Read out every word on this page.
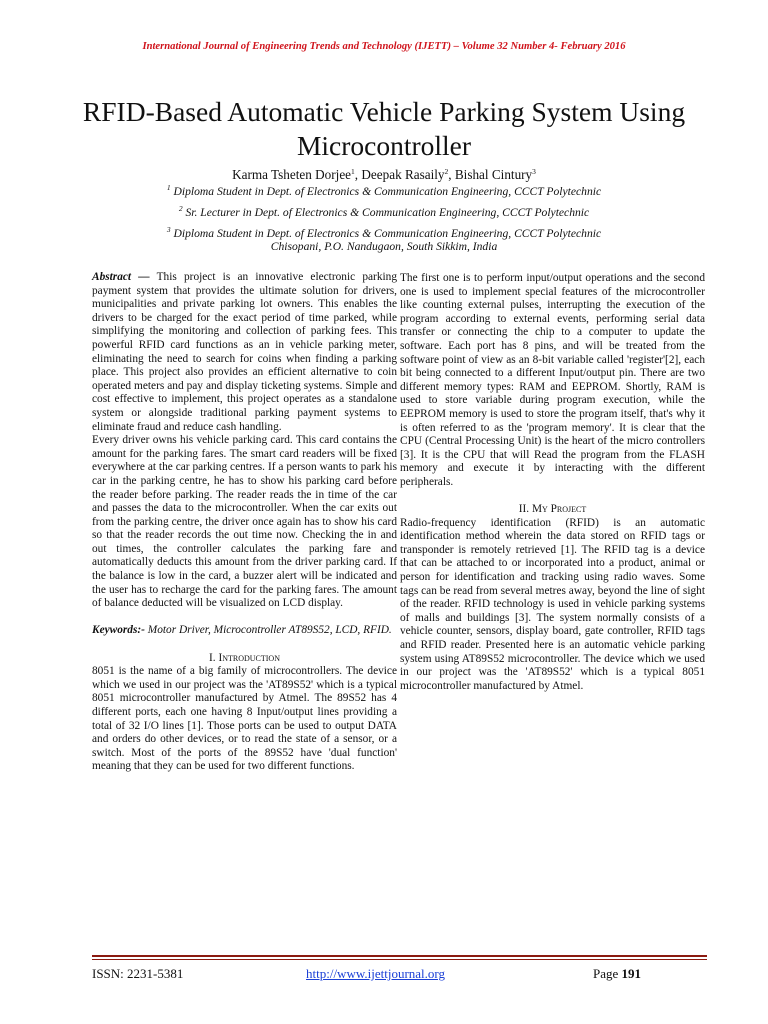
International Journal of Engineering Trends and Technology (IJETT) – Volume 32 Number 4- February 2016
RFID-Based Automatic Vehicle Parking System Using Microcontroller
Karma Tsheten Dorjee$^1$, Deepak Rasaily$^2$, Bishal Cintury$^3$
$^1$ Diploma Student in Dept. of Electronics & Communication Engineering, CCCT Polytechnic
$^2$ Sr. Lecturer in Dept. of Electronics & Communication Engineering, CCCT Polytechnic
$^3$ Diploma Student in Dept. of Electronics & Communication Engineering, CCCT Polytechnic
Chisopani, P.O. Nandugaon, South Sikkim, India

Abstract — This project is an innovative electronic parking payment system that provides the ultimate solution for drivers, municipalities and private parking lot owners. This enables the drivers to be charged for the exact period of time parked, while simplifying the monitoring and collection of parking fees. This powerful RFID card functions as an in vehicle parking meter, eliminating the need to search for coins when finding a parking place. This project also provides an efficient alternative to coin operated meters and pay and display ticketing systems. Simple and cost effective to implement, this project operates as a standalone system or alongside traditional parking payment systems to eliminate fraud and reduce cash handling.

Every driver owns his vehicle parking card. This card contains the amount for the parking fares. The smart card readers will be fixed everywhere at the car parking centres. If a person wants to park his car in the parking centre, he has to show his parking card before the reader before parking. The reader reads the in time of the car and passes the data to the microcontroller. When the car exits out from the parking centre, the driver once again has to show his card so that the reader records the out time now. Checking the in and out times, the controller calculates the parking fare and automatically deducts this amount from the driver parking card. If the balance is low in the card, a buzzer alert will be indicated and the user has to recharge the card for the parking fares. The amount of balance deducted will be visualized on LCD display.

Keywords:- Motor Driver, Microcontroller AT89S52, LCD, RFID.

I. Introduction

8051 is the name of a big family of microcontrollers. The device which we used in our project was the 'AT89S52' which is a typical 8051 microcontroller manufactured by Atmel. The 89S52 has 4 different ports, each one having 8 Input/output lines providing a total of 32 I/O lines [1]. Those ports can be used to output DATA and orders do other devices, or to read the state of a sensor, or a switch. Most of the ports of the 89S52 have 'dual function' meaning that they can be used for two different functions.

The first one is to perform input/output operations and the second one is used to implement special features of the microcontroller like counting external pulses, interrupting the execution of the program according to external events, performing serial data transfer or connecting the chip to a computer to update the software. Each port has 8 pins, and will be treated from the software point of view as an 8-bit variable called 'register'[2], each bit being connected to a different Input/output pin. There are two different memory types: RAM and EEPROM. Shortly, RAM is used to store variable during program execution, while the EEPROM memory is used to store the program itself, that's why it is often referred to as the 'program memory'. It is clear that the CPU (Central Processing Unit) is the heart of the micro controllers [3]. It is the CPU that will Read the program from the FLASH memory and execute it by interacting with the different peripherals.

II. My Project

Radio-frequency identification (RFID) is an automatic identification method wherein the data stored on RFID tags or transponder is remotely retrieved [1]. The RFID tag is a device that can be attached to or incorporated into a product, animal or person for identification and tracking using radio waves. Some tags can be read from several metres away, beyond the line of sight of the reader. RFID technology is used in vehicle parking systems of malls and buildings [3]. The system normally consists of a vehicle counter, sensors, display board, gate controller, RFID tags and RFID reader. Presented here is an automatic vehicle parking system using AT89S52 microcontroller. The device which we used in our project was the 'AT89S52' which is a typical 8051 microcontroller manufactured by Atmel.

ISSN: 2231-5381	http://www.ijettjournal.org	Page 191
